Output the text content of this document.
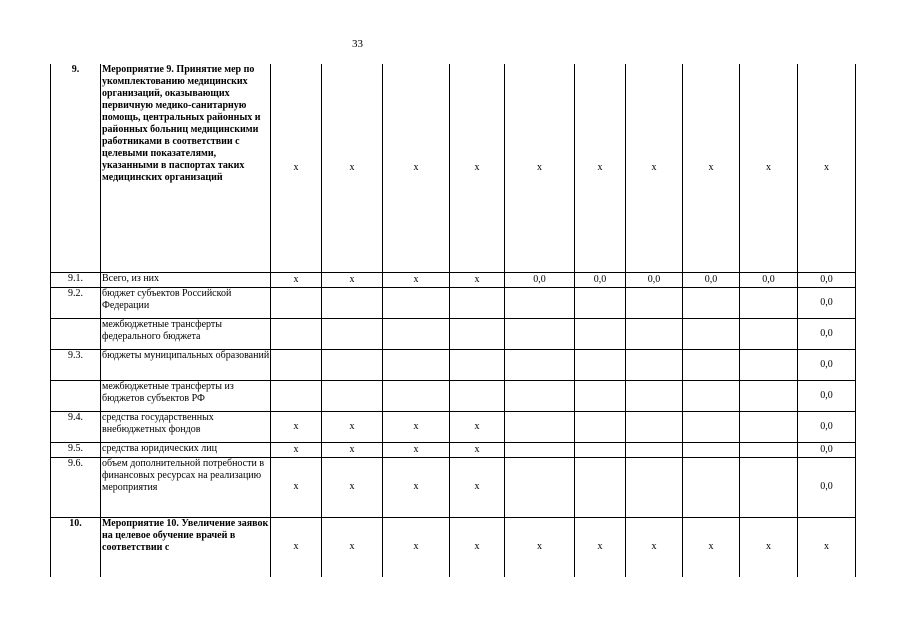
33
9.	Мероприятие 9. Принятие мер по укомплектованию медицинских организаций, оказывающих первичную медико-санитарную помощь, центральных районных и районных больниц медицинскими работниками в соответствии с целевыми показателями, указанными в паспортах таких медицинских организаций	x	x	x	x	x	x	x	x	x	x
9.1.	Всего, из них	x	x	x	x	0,0	0,0	0,0	0,0	0,0	0,0
9.2.	бюджет субъектов Российской Федерации										0,0
	межбюджетные трансферты федерального бюджета										0,0
9.3.	бюджеты муниципальных образований										0,0
	межбюджетные трансферты из бюджетов субъектов РФ										0,0
9.4.	средства государственных внебюджетных фондов	x	x	x	x						0,0
9.5.	средства юридических лиц	x	x	x	x						0,0
9.6.	объем дополнительной потребности в финансовых ресурсах на реализацию мероприятия	x	x	x	x						0,0
10.	Мероприятие 10. Увеличение заявок на целевое обучение врачей в соответствии с	x	x	x	x	x	x	x	x	x	x
